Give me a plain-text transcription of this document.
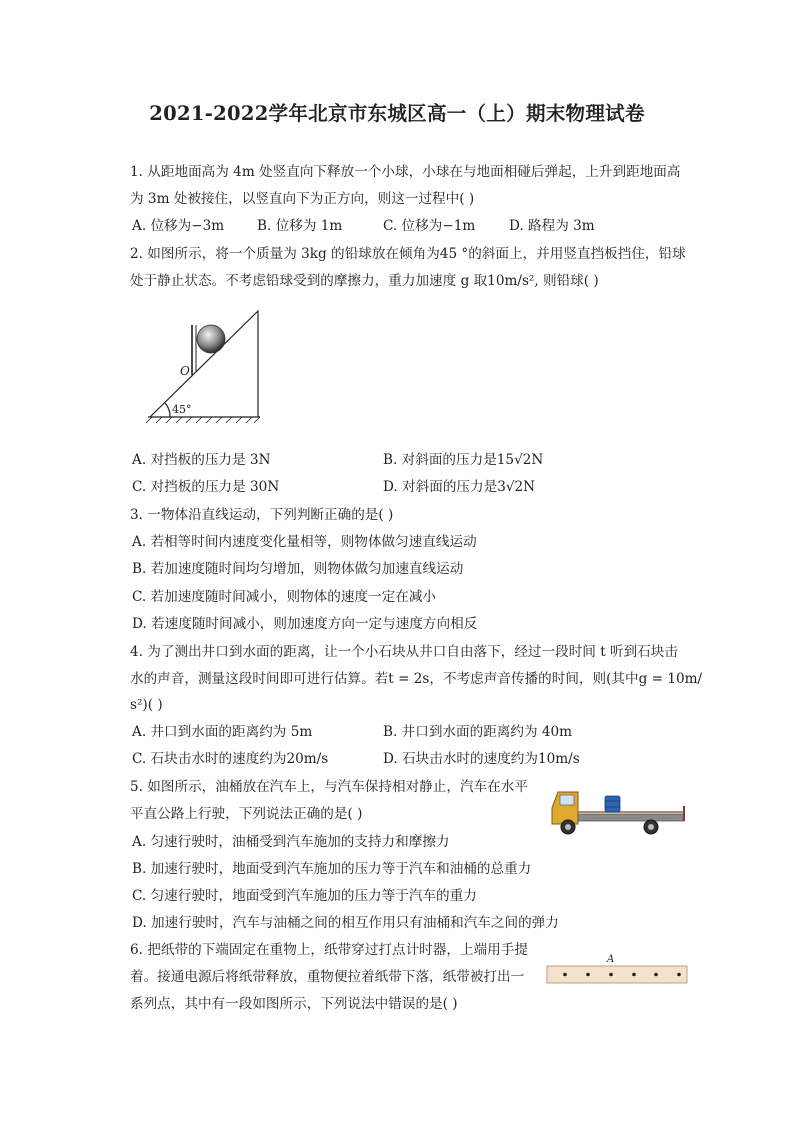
2021-2022学年北京市东城区高一（上）期末物理试卷
1. 从距地面高为 4m 处竖直向下释放一个小球，小球在与地面相碰后弹起，上升到距地面高
为 3m 处被接住，以竖直向下为正方向，则这一过程中( )
A. 位移为−3m B. 位移为 1m	C. 位移为−1m D. 路程为 3m
2. 如图所示，将一个质量为 3kg 的铅球放在倾角为45 °的斜面上，并用竖直挡板挡住，铅球
处于静止状态。不考虑铅球受到的摩擦力，重力加速度 g 取10m/s², 则铅球( )
O
45°
A. 对挡板的压力是 3N	B. 对斜面的压力是15√2N
C. 对挡板的压力是 30N	D. 对斜面的压力是3√2N
3. 一物体沿直线运动，下列判断正确的是( )
A. 若相等时间内速度变化量相等，则物体做匀速直线运动
B. 若加速度随时间均匀增加，则物体做匀加速直线运动
C. 若加速度随时间减小，则物体的速度一定在减小
D. 若速度随时间减小，则加速度方向一定与速度方向相反
4. 为了测出井口到水面的距离，让一个小石块从井口自由落下，经过一段时间 t 听到石块击
水的声音，测量这段时间即可进行估算。若t = 2s，不考虑声音传播的时间，则(其中g = 10m/
s²)( )
A. 井口到水面的距离约为 5m	B. 井口到水面的距离约为 40m
C. 石块击水时的速度约为20m/s	D. 石块击水时的速度约为10m/s
5. 如图所示，油桶放在汽车上，与汽车保持相对静止，汽车在水平
平直公路上行驶，下列说法正确的是( )
A. 匀速行驶时，油桶受到汽车施加的支持力和摩擦力
B. 加速行驶时，地面受到汽车施加的压力等于汽车和油桶的总重力
C. 匀速行驶时，地面受到汽车施加的压力等于汽车的重力
D. 加速行驶时，汽车与油桶之间的相互作用只有油桶和汽车之间的弹力
6. 把纸带的下端固定在重物上，纸带穿过打点计时器，上端用手提
着。接通电源后将纸带释放，重物便拉着纸带下落，纸带被打出一
系列点，其中有一段如图所示，下列说法中错误的是( )
A
